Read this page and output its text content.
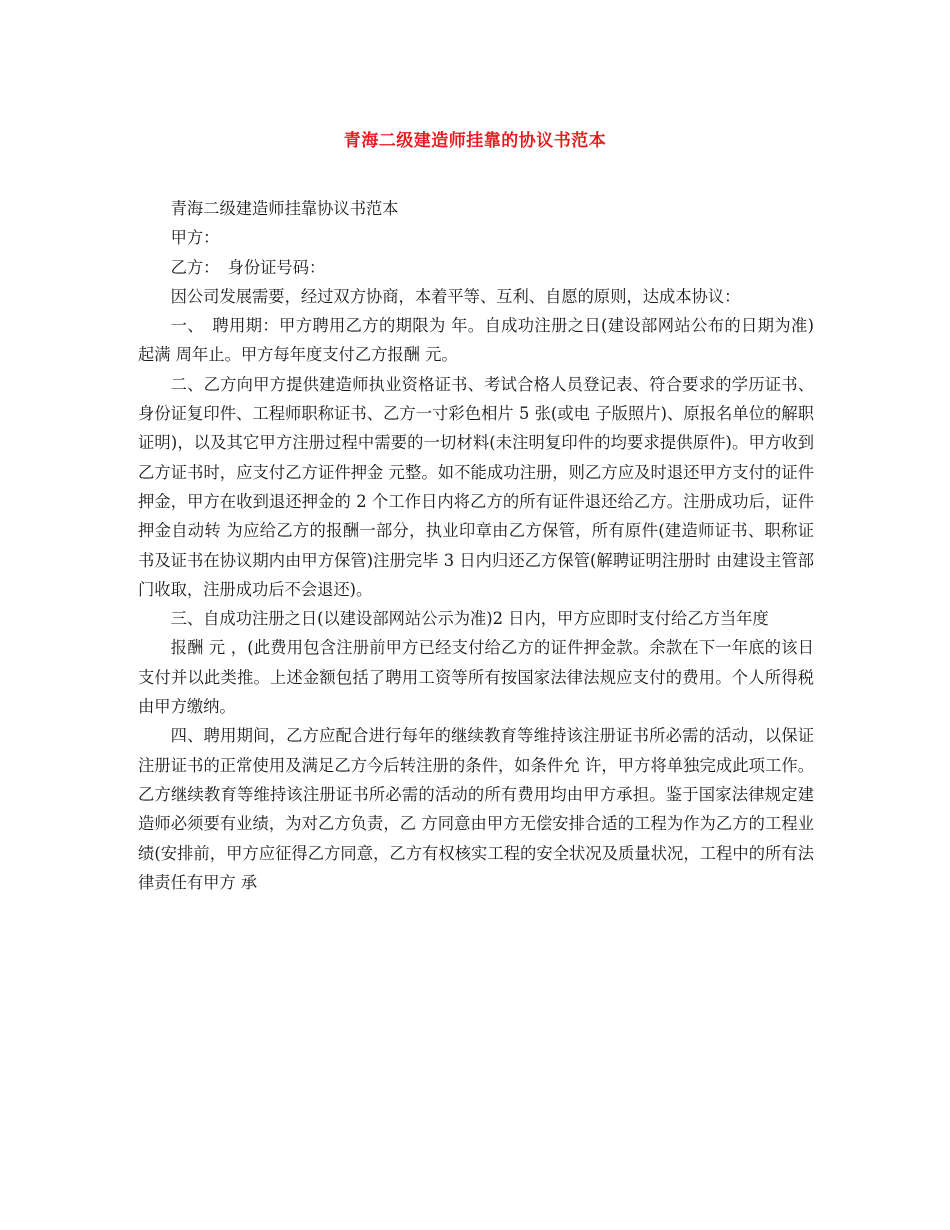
青海二级建造师挂靠的协议书范本

青海二级建造师挂靠协议书范本

甲方：

乙方：　身份证号码：

因公司发展需要，经过双方协商，本着平等、互利、自愿的原则，达成本协议：

一、　聘用期：甲方聘用乙方的期限为 年。自成功注册之日(建设部网站公布的日期为准)起满 周年止。甲方每年度支付乙方报酬 元。

二、乙方向甲方提供建造师执业资格证书、考试合格人员登记表、符合要求的学历证书、身份证复印件、工程师职称证书、乙方一寸彩色相片 5 张(或电 子版照片)、原报名单位的解职证明)，以及其它甲方注册过程中需要的一切材料(未注明复印件的均要求提供原件)。甲方收到乙方证书时，应支付乙方证件押金 元整。如不能成功注册，则乙方应及时退还甲方支付的证件押金，甲方在收到退还押金的 2 个工作日内将乙方的所有证件退还给乙方。注册成功后，证件押金自动转 为应给乙方的报酬一部分，执业印章由乙方保管，所有原件(建造师证书、职称证书及证书在协议期内由甲方保管)注册完毕 3 日内归还乙方保管(解聘证明注册时 由建设主管部门收取，注册成功后不会退还)。

三、自成功注册之日(以建设部网站公示为准)2 日内，甲方应即时支付给乙方当年度

报酬 元 ，(此费用包含注册前甲方已经支付给乙方的证件押金款。余款在下一年底的该日支付并以此类推。上述金额包括了聘用工资等所有按国家法律法规应支付的费用。个人所得税由甲方缴纳。

四、聘用期间，乙方应配合进行每年的继续教育等维持该注册证书所必需的活动，以保证注册证书的正常使用及满足乙方今后转注册的条件，如条件允 许，甲方将单独完成此项工作。乙方继续教育等维持该注册证书所必需的活动的所有费用均由甲方承担。鉴于国家法律规定建造师必须要有业绩，为对乙方负责，乙 方同意由甲方无偿安排合适的工程为作为乙方的工程业绩(安排前，甲方应征得乙方同意，乙方有权核实工程的安全状况及质量状况，工程中的所有法律责任有甲方 承
